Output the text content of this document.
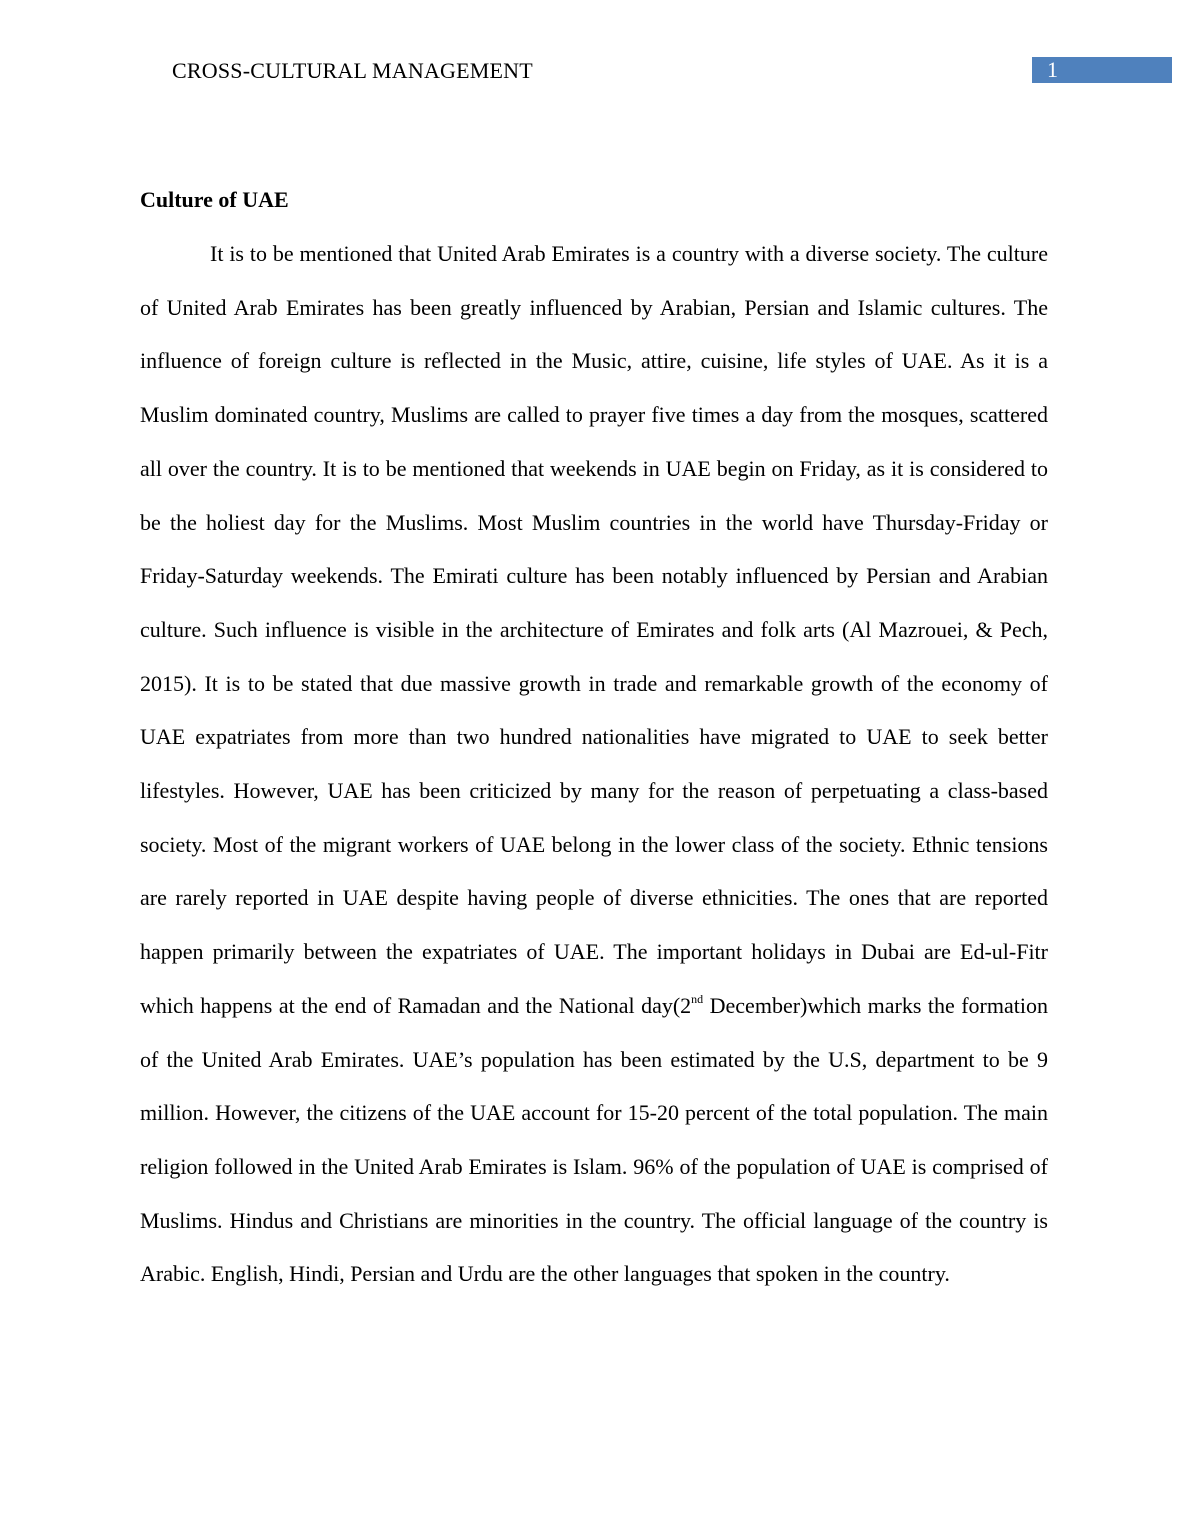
CROSS-CULTURAL MANAGEMENT	1
Culture of UAE

It is to be mentioned that United Arab Emirates is a country with a diverse society. The culture of United Arab Emirates has been greatly influenced by Arabian, Persian and Islamic cultures. The influence of foreign culture is reflected in the Music, attire, cuisine, life styles of UAE. As it is a Muslim dominated country, Muslims are called to prayer five times a day from the mosques, scattered all over the country. It is to be mentioned that weekends in UAE begin on Friday, as it is considered to be the holiest day for the Muslims. Most Muslim countries in the world have Thursday-Friday or Friday-Saturday weekends. The Emirati culture has been notably influenced by Persian and Arabian culture. Such influence is visible in the architecture of Emirates and folk arts (Al Mazrouei, & Pech, 2015). It is to be stated that due massive growth in trade and remarkable growth of the economy of UAE expatriates from more than two hundred nationalities have migrated to UAE to seek better lifestyles. However, UAE has been criticized by many for the reason of perpetuating a class-based society. Most of the migrant workers of UAE belong in the lower class of the society. Ethnic tensions are rarely reported in UAE despite having people of diverse ethnicities. The ones that are reported happen primarily between the expatriates of UAE. The important holidays in Dubai are Ed-ul-Fitr which happens at the end of Ramadan and the National day(2nd December)which marks the formation of the United Arab Emirates. UAE’s population has been estimated by the U.S, department to be 9 million. However, the citizens of the UAE account for 15-20 percent of the total population. The main religion followed in the United Arab Emirates is Islam. 96% of the population of UAE is comprised of Muslims. Hindus and Christians are minorities in the country. The official language of the country is Arabic. English, Hindi, Persian and Urdu are the other languages that spoken in the country.
